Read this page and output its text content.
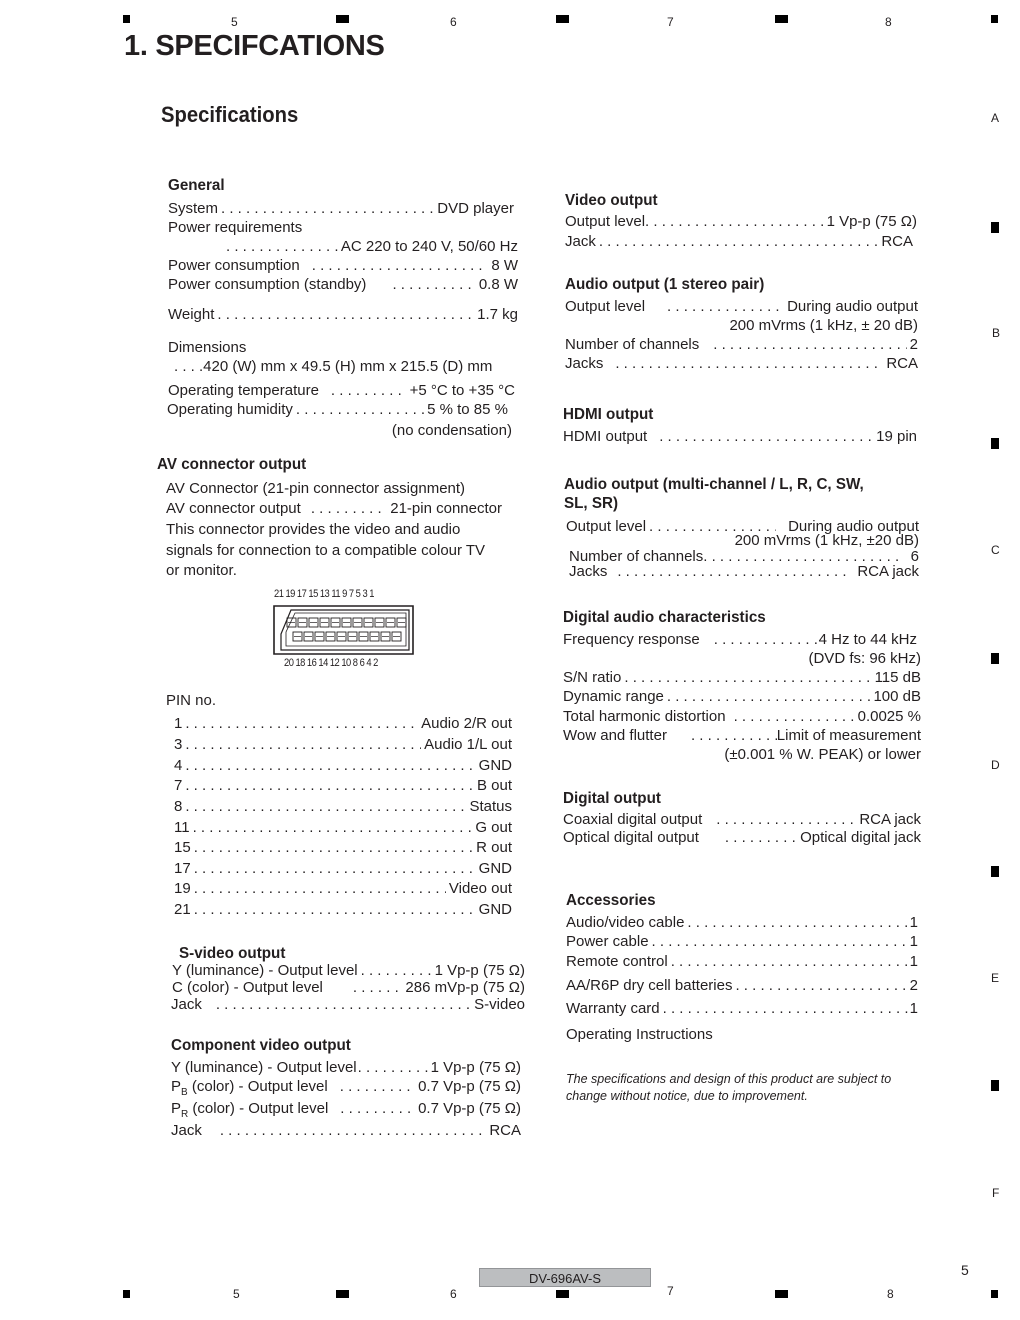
5	6	7	8
A
B
C
D
E
F
5	6	7	8
1. SPECIFCATIONS
Specifications
General
System . . .	DVD player
Power requirements
. . .
AC 220 to 240 V, 50/60 Hz
Power consumption . . .	8 W
Power consumption (standby) . . .	0.8 W
Weight . . .	1.7 kg
Dimensions
. . . .420 (W) mm x 49.5 (H) mm x 215.5 (D) mm
Operating temperature . . .	+5 °C to +35 °C
Operating humidity . . .	5 % to 85 %
(no condensation)
AV connector output
AV Connector (21-pin connector assignment)
AV connector output . . .	21-pin connector
This connector provides the video and audio
signals for connection to a compatible colour TV
or monitor.
21 19 17 15 13 11 9 7 5 3 1
20 18 16 14 12 10 8 6 4 2
PIN no.
1 . . .	Audio 2/R out
3 . . .	Audio 1/L out
4 . . .	GND
7 . . .	B out
8 . . .	Status
11 . . .	G out
15 . . .	R out
17 . . .	GND
19 . . .	Video out
21 . . .	GND
S-video output
Y (luminance) - Output level . . .	1 Vp-p (75 Ω)
C (color) - Output level . . .	286 mVp-p (75 Ω)
Jack . . .	S-video
Component video output
Y (luminance) - Output level . . .	1 Vp-p (75 Ω)
$P_B$ (color) - Output level . . .	0.7 Vp-p (75 Ω)
$P_R$ (color) - Output level . . .	0.7 Vp-p (75 Ω)
Jack . . .	RCA
Video output
Output level . . .	1 Vp-p (75 Ω)
Jack . . .	RCA
Audio output (1 stereo pair)
Output level . . .	During audio output
200 mVrms (1 kHz, ± 20 dB)
Number of channels . . .	2
Jacks . . .	RCA
HDMI output
HDMI output . . .	19 pin
Audio output (multi-channel / L, R, C, SW,
SL, SR)
Output level . . .	During audio output
200 mVrms (1 kHz, ±20 dB)
Number of channels . . .	6
Jacks . . .	RCA jack
Digital audio characteristics
Frequency response . . .	4 Hz to 44 kHz
(DVD fs: 96 kHz)
S/N ratio . . .	115 dB
Dynamic range . . .	100 dB
Total harmonic distortion . . .	0.0025 %
Wow and flutter . . .	Limit of measurement
(±0.001 % W. PEAK) or lower
Digital output
Coaxial digital output . . .	RCA jack
Optical digital output . . .	Optical digital jack
Accessories
Audio/video cable . . .	1
Power cable . . .	1
Remote control . . .	1
AA/R6P dry cell batteries . . .	2
Warranty card . . .	1
Operating Instructions
The specifications and design of this product are subject to change without notice, due to improvement.
DV-696AV-S
5
